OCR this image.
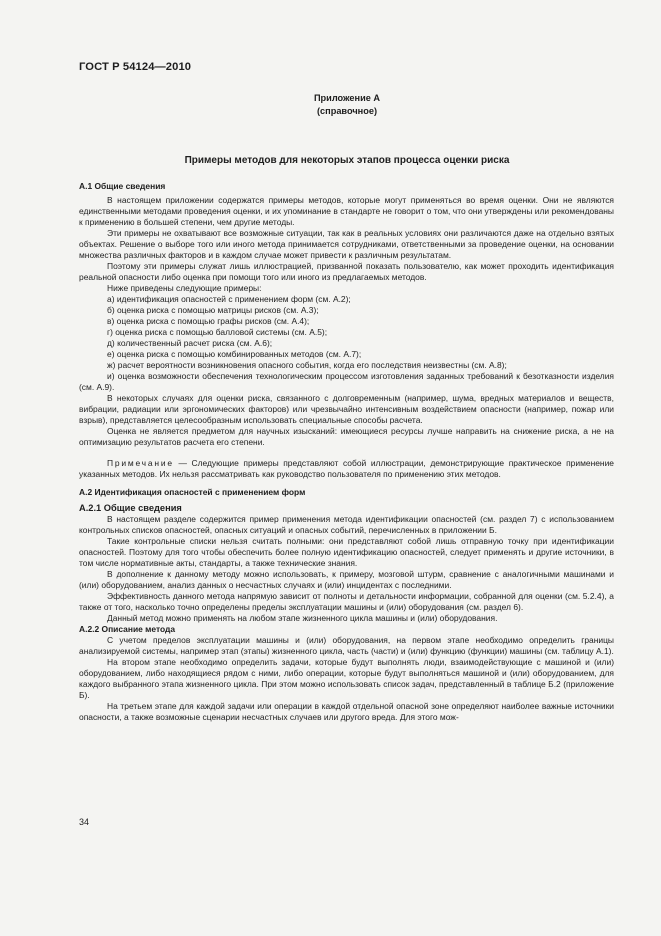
ГОСТ Р 54124—2010
Приложение А
(справочное)
Примеры методов для некоторых этапов процесса оценки риска

А.1 Общие сведения

В настоящем приложении содержатся примеры методов, которые могут применяться во время оценки. Они не являются единственными методами проведения оценки, и их упоминание в стандарте не говорит о том, что они утверждены или рекомендованы к применению в большей степени, чем другие методы.

Эти примеры не охватывают все возможные ситуации, так как в реальных условиях они различаются даже на отдельно взятых объектах. Решение о выборе того или иного метода принимается сотрудниками, ответственными за проведение оценки, на основании множества различных факторов и в каждом случае может привести к различным результатам.

Поэтому эти примеры служат лишь иллюстрацией, призванной показать пользователю, как может проходить идентификация реальной опасности либо оценка при помощи того или иного из предлагаемых методов.

Ниже приведены следующие примеры:

а) идентификация опасностей с применением форм (см. А.2);

б) оценка риска с помощью матрицы рисков (см. А.3);

в) оценка риска с помощью графы рисков (см. А.4);

г) оценка риска с помощью балловой системы (см. А.5);

д) количественный расчет риска (см. А.6);

е) оценка риска с помощью комбинированных методов (см. А.7);

ж) расчет вероятности возникновения опасного события, когда его последствия неизвестны (см. А.8);

и) оценка возможности обеспечения технологическим процессом изготовления заданных требований к безотказности изделия (см. А.9).

В некоторых случаях для оценки риска, связанного с долговременным (например, шума, вредных материалов и веществ, вибрации, радиации или эргономических факторов) или чрезвычайно интенсивным воздействием опасности (например, пожар или взрыв), представляется целесообразным использовать специальные способы расчета.

Оценка не является предметом для научных изысканий: имеющиеся ресурсы лучше направить на снижение риска, а не на оптимизацию результатов расчета его степени.

Примечание — Следующие примеры представляют собой иллюстрации, демонстрирующие практическое применение указанных методов. Их нельзя рассматривать как руководство пользователя по применению этих методов.

А.2 Идентификация опасностей с применением форм

А.2.1 Общие сведения

В настоящем разделе содержится пример применения метода идентификации опасностей (см. раздел 7) с использованием контрольных списков опасностей, опасных ситуаций и опасных событий, перечисленных в приложении Б.

Такие контрольные списки нельзя считать полными: они представляют собой лишь отправную точку при идентификации опасностей. Поэтому для того чтобы обеспечить более полную идентификацию опасностей, следует применять и другие источники, в том числе нормативные акты, стандарты, а также технические знания.

В дополнение к данному методу можно использовать, к примеру, мозговой штурм, сравнение с аналогичными машинами и (или) оборудованием, анализ данных о несчастных случаях и (или) инцидентах с последними.

Эффективность данного метода напрямую зависит от полноты и детальности информации, собранной для оценки (см. 5.2.4), а также от того, насколько точно определены пределы эксплуатации машины и (или) оборудования (см. раздел 6).

Данный метод можно применять на любом этапе жизненного цикла машины и (или) оборудования.

А.2.2 Описание метода

С учетом пределов эксплуатации машины и (или) оборудования, на первом этапе необходимо определить границы анализируемой системы, например этап (этапы) жизненного цикла, часть (части) и (или) функцию (функции) машины (см. таблицу А.1).

На втором этапе необходимо определить задачи, которые будут выполнять люди, взаимодействующие с машиной и (или) оборудованием, либо находящиеся рядом с ними, либо операции, которые будут выполняться машиной и (или) оборудованием, для каждого выбранного этапа жизненного цикла. При этом можно использовать список задач, представленный в таблице Б.2 (приложение Б).

На третьем этапе для каждой задачи или операции в каждой отдельной опасной зоне определяют наиболее важные источники опасности, а также возможные сценарии несчастных случаев или другого вреда. Для этого мож-

34
